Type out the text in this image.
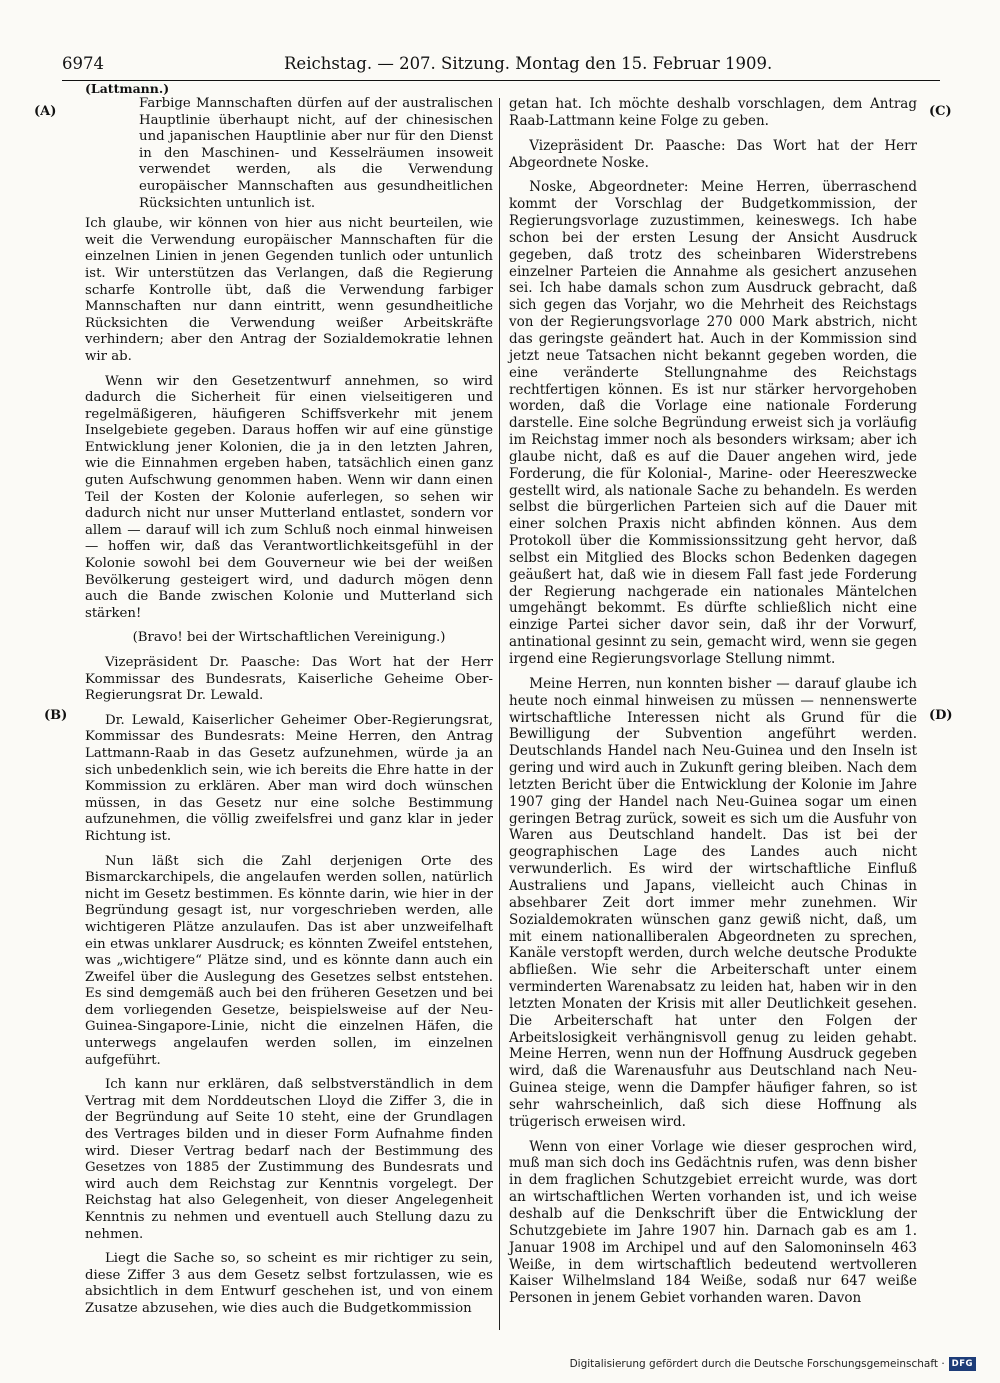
6974	Reichstag. — 207. Sitzung. Montag den 15. Februar 1909.
(Lattmann.)
(A)
(B)
(C)
(D)

Farbige Mannschaften dürfen auf der australischen Hauptlinie überhaupt nicht, auf der chinesischen und japanischen Hauptlinie aber nur für den Dienst in den Maschinen- und Kesselräumen insoweit verwendet werden, als die Verwendung europäischer Mannschaften aus gesundheitlichen Rücksichten untunlich ist.

Ich glaube, wir können von hier aus nicht beurteilen, wie weit die Verwendung europäischer Mannschaften für die einzelnen Linien in jenen Gegenden tunlich oder untunlich ist. Wir unterstützen das Verlangen, daß die Regierung scharfe Kontrolle übt, daß die Verwendung farbiger Mannschaften nur dann eintritt, wenn gesundheitliche Rücksichten die Verwendung weißer Arbeitskräfte verhindern; aber den Antrag der Sozialdemokratie lehnen wir ab.

Wenn wir den Gesetzentwurf annehmen, so wird dadurch die Sicherheit für einen vielseitigeren und regelmäßigeren, häufigeren Schiffsverkehr mit jenem Inselgebiete gegeben. Daraus hoffen wir auf eine günstige Entwicklung jener Kolonien, die ja in den letzten Jahren, wie die Einnahmen ergeben haben, tatsächlich einen ganz guten Aufschwung genommen haben. Wenn wir dann einen Teil der Kosten der Kolonie auferlegen, so sehen wir dadurch nicht nur unser Mutterland entlastet, sondern vor allem — darauf will ich zum Schluß noch einmal hinweisen — hoffen wir, daß das Verantwortlichkeitsgefühl in der Kolonie sowohl bei dem Gouverneur wie bei der weißen Bevölkerung gesteigert wird, und dadurch mögen denn auch die Bande zwischen Kolonie und Mutterland sich stärken!

(Bravo! bei der Wirtschaftlichen Vereinigung.)

Vizepräsident Dr. Paasche: Das Wort hat der Herr Kommissar des Bundesrats, Kaiserliche Geheime Ober-Regierungsrat Dr. Lewald.

Dr. Lewald, Kaiserlicher Geheimer Ober-Regierungsrat, Kommissar des Bundesrats: Meine Herren, den Antrag Lattmann-Raab in das Gesetz aufzunehmen, würde ja an sich unbedenklich sein, wie ich bereits die Ehre hatte in der Kommission zu erklären. Aber man wird doch wünschen müssen, in das Gesetz nur eine solche Bestimmung aufzunehmen, die völlig zweifelsfrei und ganz klar in jeder Richtung ist.

Nun läßt sich die Zahl derjenigen Orte des Bismarckarchipels, die angelaufen werden sollen, natürlich nicht im Gesetz bestimmen. Es könnte darin, wie hier in der Begründung gesagt ist, nur vorgeschrieben werden, alle wichtigeren Plätze anzulaufen. Das ist aber unzweifelhaft ein etwas unklarer Ausdruck; es könnten Zweifel entstehen, was „wichtigere“ Plätze sind, und es könnte dann auch ein Zweifel über die Auslegung des Gesetzes selbst entstehen. Es sind demgemäß auch bei den früheren Gesetzen und bei dem vorliegenden Gesetze, beispielsweise auf der Neu-Guinea-Singapore-Linie, nicht die einzelnen Häfen, die unterwegs angelaufen werden sollen, im einzelnen aufgeführt.

Ich kann nur erklären, daß selbstverständlich in dem Vertrag mit dem Norddeutschen Lloyd die Ziffer 3, die in der Begründung auf Seite 10 steht, eine der Grundlagen des Vertrages bilden und in dieser Form Aufnahme finden wird. Dieser Vertrag bedarf nach der Bestimmung des Gesetzes von 1885 der Zustimmung des Bundesrats und wird auch dem Reichstag zur Kenntnis vorgelegt. Der Reichstag hat also Gelegenheit, von dieser Angelegenheit Kenntnis zu nehmen und eventuell auch Stellung dazu zu nehmen.

Liegt die Sache so, so scheint es mir richtiger zu sein, diese Ziffer 3 aus dem Gesetz selbst fortzulassen, wie es absichtlich in dem Entwurf geschehen ist, und von einem Zusatze abzusehen, wie dies auch die Budgetkommission

getan hat. Ich möchte deshalb vorschlagen, dem Antrag Raab-Lattmann keine Folge zu geben.

Vizepräsident Dr. Paasche: Das Wort hat der Herr Abgeordnete Noske.

Noske, Abgeordneter: Meine Herren, überraschend kommt der Vorschlag der Budgetkommission, der Regierungsvorlage zuzustimmen, keineswegs. Ich habe schon bei der ersten Lesung der Ansicht Ausdruck gegeben, daß trotz des scheinbaren Widerstrebens einzelner Parteien die Annahme als gesichert anzusehen sei. Ich habe damals schon zum Ausdruck gebracht, daß sich gegen das Vorjahr, wo die Mehrheit des Reichstags von der Regierungsvorlage 270 000 Mark abstrich, nicht das geringste geändert hat. Auch in der Kommission sind jetzt neue Tatsachen nicht bekannt gegeben worden, die eine veränderte Stellungnahme des Reichstags rechtfertigen können. Es ist nur stärker hervorgehoben worden, daß die Vorlage eine nationale Forderung darstelle. Eine solche Begründung erweist sich ja vorläufig im Reichstag immer noch als besonders wirksam; aber ich glaube nicht, daß es auf die Dauer angehen wird, jede Forderung, die für Kolonial-, Marine- oder Heereszwecke gestellt wird, als nationale Sache zu behandeln. Es werden selbst die bürgerlichen Parteien sich auf die Dauer mit einer solchen Praxis nicht abfinden können. Aus dem Protokoll über die Kommissionssitzung geht hervor, daß selbst ein Mitglied des Blocks schon Bedenken dagegen geäußert hat, daß wie in diesem Fall fast jede Forderung der Regierung nachgerade ein nationales Mäntelchen umgehängt bekommt. Es dürfte schließlich nicht eine einzige Partei sicher davor sein, daß ihr der Vorwurf, antinational gesinnt zu sein, gemacht wird, wenn sie gegen irgend eine Regierungsvorlage Stellung nimmt.

Meine Herren, nun konnten bisher — darauf glaube ich heute noch einmal hinweisen zu müssen — nennenswerte wirtschaftliche Interessen nicht als Grund für die Bewilligung der Subvention angeführt werden. Deutschlands Handel nach Neu-Guinea und den Inseln ist gering und wird auch in Zukunft gering bleiben. Nach dem letzten Bericht über die Entwicklung der Kolonie im Jahre 1907 ging der Handel nach Neu-Guinea sogar um einen geringen Betrag zurück, soweit es sich um die Ausfuhr von Waren aus Deutschland handelt. Das ist bei der geographischen Lage des Landes auch nicht verwunderlich. Es wird der wirtschaftliche Einfluß Australiens und Japans, vielleicht auch Chinas in absehbarer Zeit dort immer mehr zunehmen. Wir Sozialdemokraten wünschen ganz gewiß nicht, daß, um mit einem nationalliberalen Abgeordneten zu sprechen, Kanäle verstopft werden, durch welche deutsche Produkte abfließen. Wie sehr die Arbeiterschaft unter einem verminderten Warenabsatz zu leiden hat, haben wir in den letzten Monaten der Krisis mit aller Deutlichkeit gesehen. Die Arbeiterschaft hat unter den Folgen der Arbeitslosigkeit verhängnisvoll genug zu leiden gehabt. Meine Herren, wenn nun der Hoffnung Ausdruck gegeben wird, daß die Warenausfuhr aus Deutschland nach Neu-Guinea steige, wenn die Dampfer häufiger fahren, so ist sehr wahrscheinlich, daß sich diese Hoffnung als trügerisch erweisen wird.

Wenn von einer Vorlage wie dieser gesprochen wird, muß man sich doch ins Gedächtnis rufen, was denn bisher in dem fraglichen Schutzgebiet erreicht wurde, was dort an wirtschaftlichen Werten vorhanden ist, und ich weise deshalb auf die Denkschrift über die Entwicklung der Schutzgebiete im Jahre 1907 hin. Darnach gab es am 1. Januar 1908 im Archipel und auf den Salomoninseln 463 Weiße, in dem wirtschaftlich bedeutend wertvolleren Kaiser Wilhelmsland 184 Weiße, sodaß nur 647 weiße Personen in jenem Gebiet vorhanden waren. Davon

Digitalisierung gefördert durch die Deutsche Forschungsgemeinschaft · DFG
